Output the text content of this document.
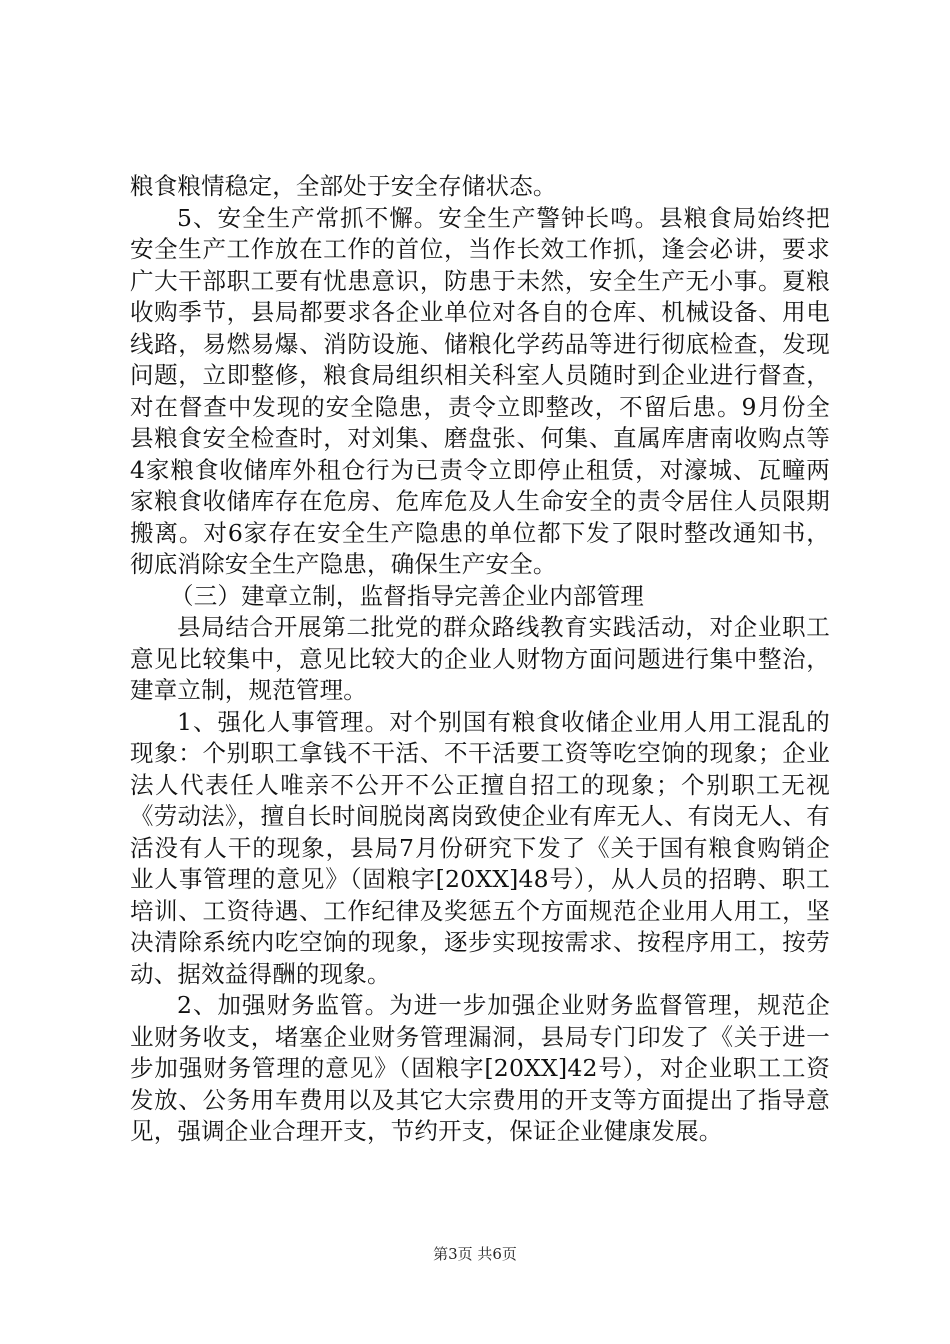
粮食粮情稳定，全部处于安全存储状态。

5、安全生产常抓不懈。安全生产警钟长鸣。县粮食局始终把安全生产工作放在工作的首位，当作长效工作抓，逢会必讲，要求广大干部职工要有忧患意识，防患于未然，安全生产无小事。夏粮收购季节，县局都要求各企业单位对各自的仓库、机械设备、用电线路，易燃易爆、消防设施、储粮化学药品等进行彻底检查，发现问题，立即整修，粮食局组织相关科室人员随时到企业进行督查，对在督查中发现的安全隐患，责令立即整改，不留后患。9月份全县粮食安全检查时，对刘集、磨盘张、何集、直属库唐南收购点等4家粮食收储库外租仓行为已责令立即停止租赁，对濠城、瓦疃两家粮食收储库存在危房、危库危及人生命安全的责令居住人员限期搬离。对6家存在安全生产隐患的单位都下发了限时整改通知书，彻底消除安全生产隐患，确保生产安全。

（三）建章立制，监督指导完善企业内部管理

县局结合开展第二批党的群众路线教育实践活动，对企业职工意见比较集中，意见比较大的企业人财物方面问题进行集中整治，建章立制，规范管理。

1、强化人事管理。对个别国有粮食收储企业用人用工混乱的现象：个别职工拿钱不干活、不干活要工资等吃空饷的现象；企业法人代表任人唯亲不公开不公正擅自招工的现象；个别职工无视《劳动法》，擅自长时间脱岗离岗致使企业有库无人、有岗无人、有活没有人干的现象，县局7月份研究下发了《关于国有粮食购销企业人事管理的意见》（固粮字[20XX]48号），从人员的招聘、职工培训、工资待遇、工作纪律及奖惩五个方面规范企业用人用工，坚决清除系统内吃空饷的现象，逐步实现按需求、按程序用工，按劳动、据效益得酬的现象。

2、加强财务监管。为进一步加强企业财务监督管理，规范企业财务收支，堵塞企业财务管理漏洞，县局专门印发了《关于进一步加强财务管理的意见》（固粮字[20XX]42号），对企业职工工资发放、公务用车费用以及其它大宗费用的开支等方面提出了指导意见，强调企业合理开支，节约开支，保证企业健康发展。

第3页 共6页
